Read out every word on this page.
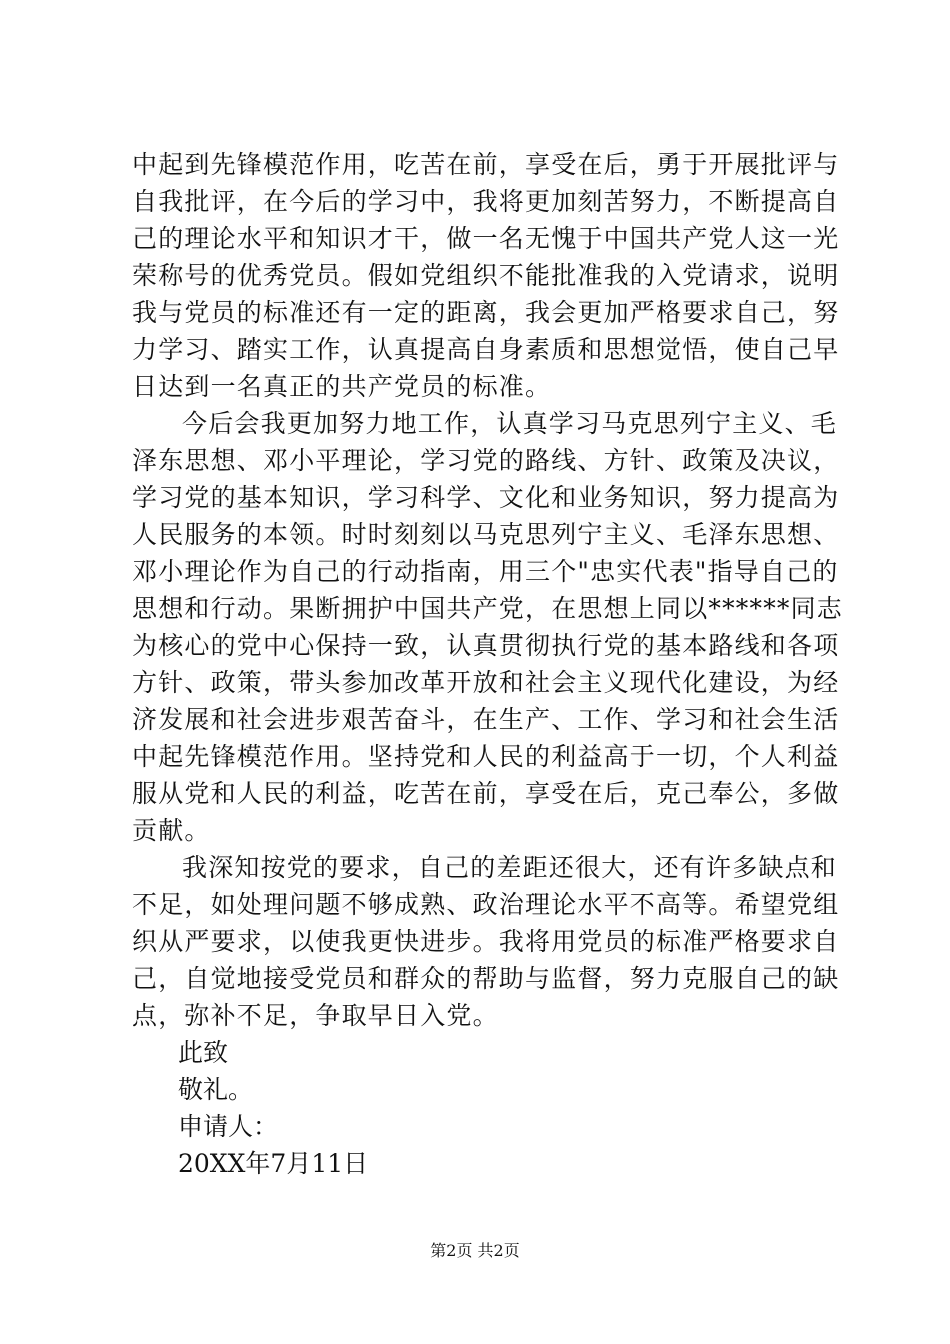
中起到先锋模范作用，吃苦在前，享受在后，勇于开展批评与
自我批评，在今后的学习中，我将更加刻苦努力，不断提高自
己的理论水平和知识才干，做一名无愧于中国共产党人这一光
荣称号的优秀党员。假如党组织不能批准我的入党请求，说明
我与党员的标准还有一定的距离，我会更加严格要求自己，努
力学习、踏实工作，认真提高自身素质和思想觉悟，使自己早
日达到一名真正的共产党员的标准。
今后会我更加努力地工作，认真学习马克思列宁主义、毛
泽东思想、邓小平理论，学习党的路线、方针、政策及决议，
学习党的基本知识，学习科学、文化和业务知识，努力提高为
人民服务的本领。时时刻刻以马克思列宁主义、毛泽东思想、
邓小理论作为自己的行动指南，用三个"忠实代表"指导自己的
思想和行动。果断拥护中国共产党，在思想上同以******同志
为核心的党中心保持一致，认真贯彻执行党的基本路线和各项
方针、政策，带头参加改革开放和社会主义现代化建设，为经
济发展和社会进步艰苦奋斗，在生产、工作、学习和社会生活
中起先锋模范作用。坚持党和人民的利益高于一切，个人利益
服从党和人民的利益，吃苦在前，享受在后，克己奉公，多做
贡献。
我深知按党的要求，自己的差距还很大，还有许多缺点和
不足，如处理问题不够成熟、政治理论水平不高等。希望党组
织从严要求，以使我更快进步。我将用党员的标准严格要求自
己，自觉地接受党员和群众的帮助与监督，努力克服自己的缺
点，弥补不足，争取早日入党。
此致
敬礼。
申请人：
20XX年7月11日
第2页 共2页
